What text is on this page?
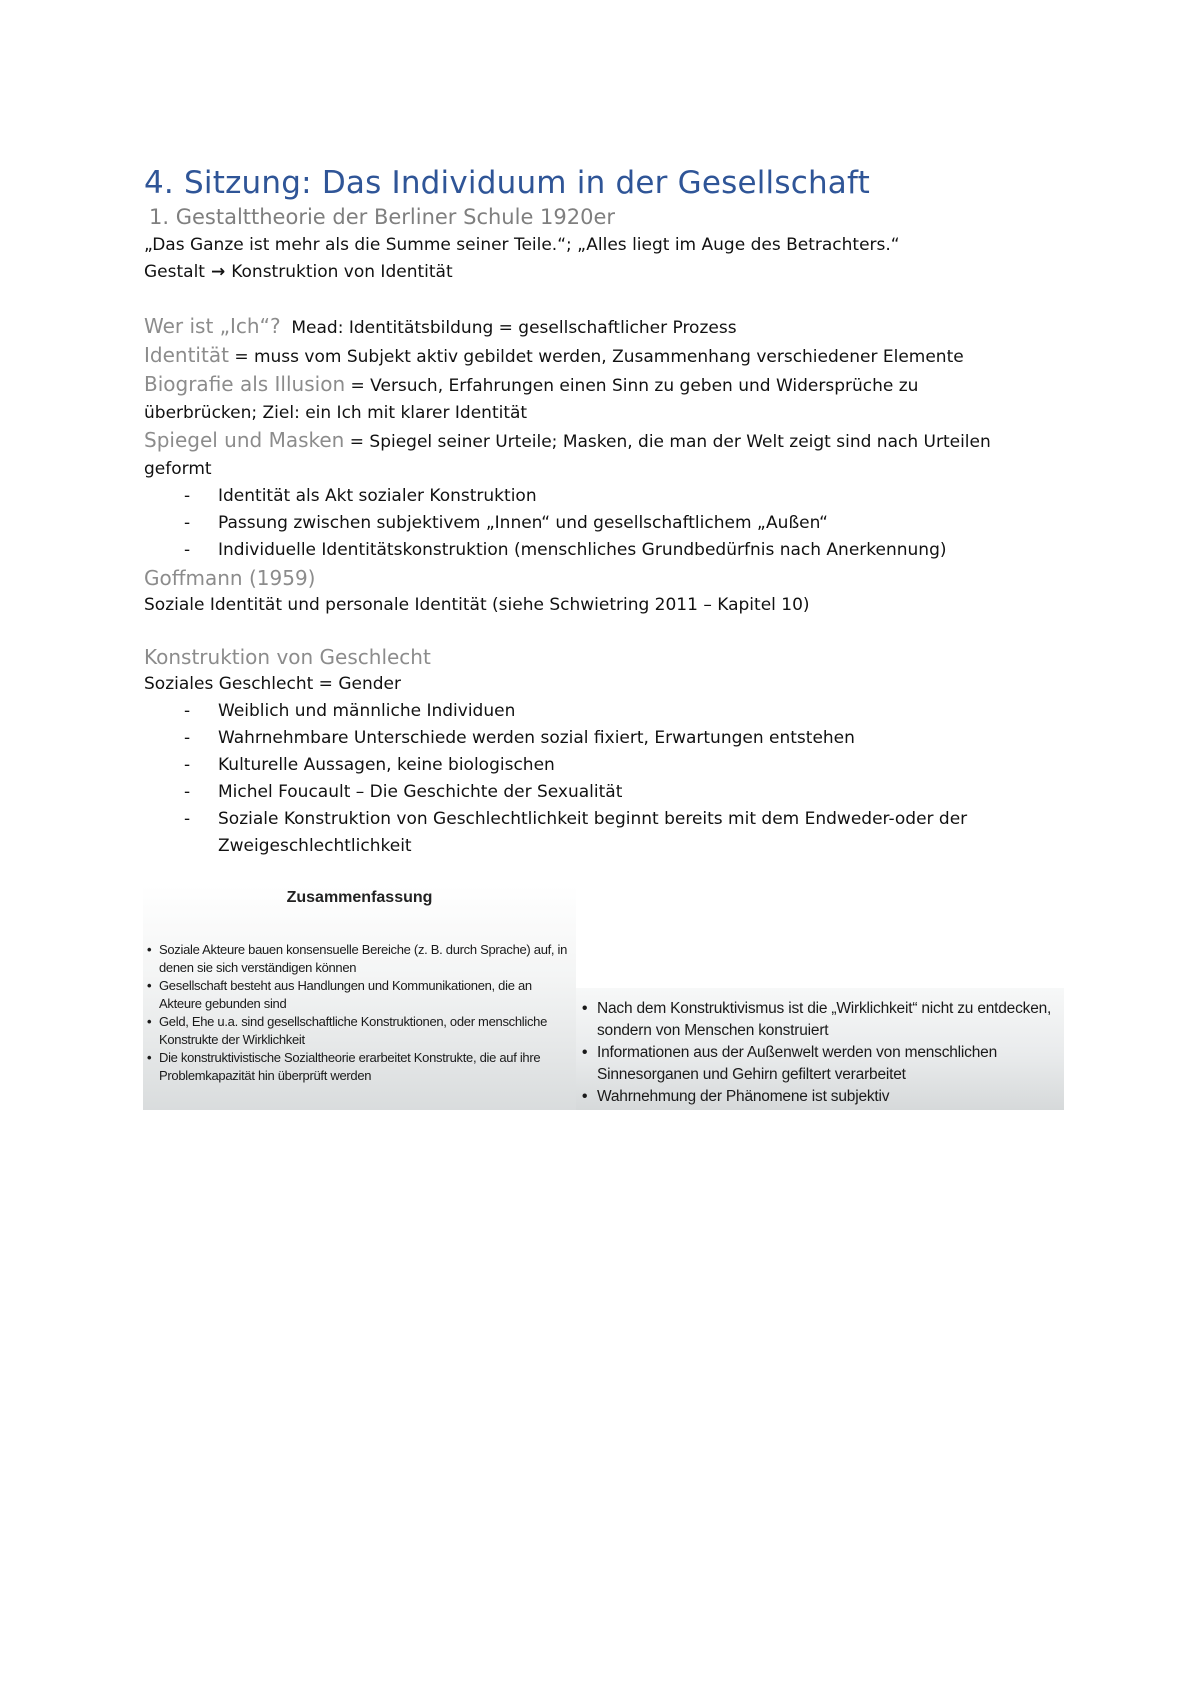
4. Sitzung: Das Individuum in der Gesellschaft
1. Gestalttheorie der Berliner Schule 1920er

„Das Ganze ist mehr als die Summe seiner Teile.“; „Alles liegt im Auge des Betrachters.“

Gestalt → Konstruktion von Identität

Wer ist „Ich“? Mead: Identitätsbildung = gesellschaftlicher Prozess

Identität = muss vom Subjekt aktiv gebildet werden, Zusammenhang verschiedener Elemente

Biografie als Illusion = Versuch, Erfahrungen einen Sinn zu geben und Widersprüche zu

überbrücken; Ziel: ein Ich mit klarer Identität

Spiegel und Masken = Spiegel seiner Urteile; Masken, die man der Welt zeigt sind nach Urteilen

geformt

- Identität als Akt sozialer Konstruktion
- Passung zwischen subjektivem „Innen“ und gesellschaftlichem „Außen“
- Individuelle Identitätskonstruktion (menschliches Grundbedürfnis nach Anerkennung)

Goffmann (1959)

Soziale Identität und personale Identität (siehe Schwietring 2011 – Kapitel 10)

Konstruktion von Geschlecht

Soziales Geschlecht = Gender

- Weiblich und männliche Individuen
- Wahrnehmbare Unterschiede werden sozial fixiert, Erwartungen entstehen
- Kulturelle Aussagen, keine biologischen
- Michel Foucault – Die Geschichte der Sexualität
- Soziale Konstruktion von Geschlechtlichkeit beginnt bereits mit dem Endweder-oder der
Zweigeschlechtlichkeit
Zusammenfassung
• Soziale Akteure bauen konsensuelle Bereiche (z. B. durch Sprache) auf, in denen sie sich verständigen können
• Gesellschaft besteht aus Handlungen und Kommunikationen, die an Akteure gebunden sind
• Geld, Ehe u.a. sind gesellschaftliche Konstruktionen, oder menschliche Konstrukte der Wirklichkeit
• Die konstruktivistische Sozialtheorie erarbeitet Konstrukte, die auf ihre Problemkapazität hin überprüft werden
• Nach dem Konstruktivismus ist die „Wirklichkeit“ nicht zu entdecken, sondern von Menschen konstruiert
• Informationen aus der Außenwelt werden von menschlichen Sinnesorganen und Gehirn gefiltert verarbeitet
• Wahrnehmung der Phänomene ist subjektiv
